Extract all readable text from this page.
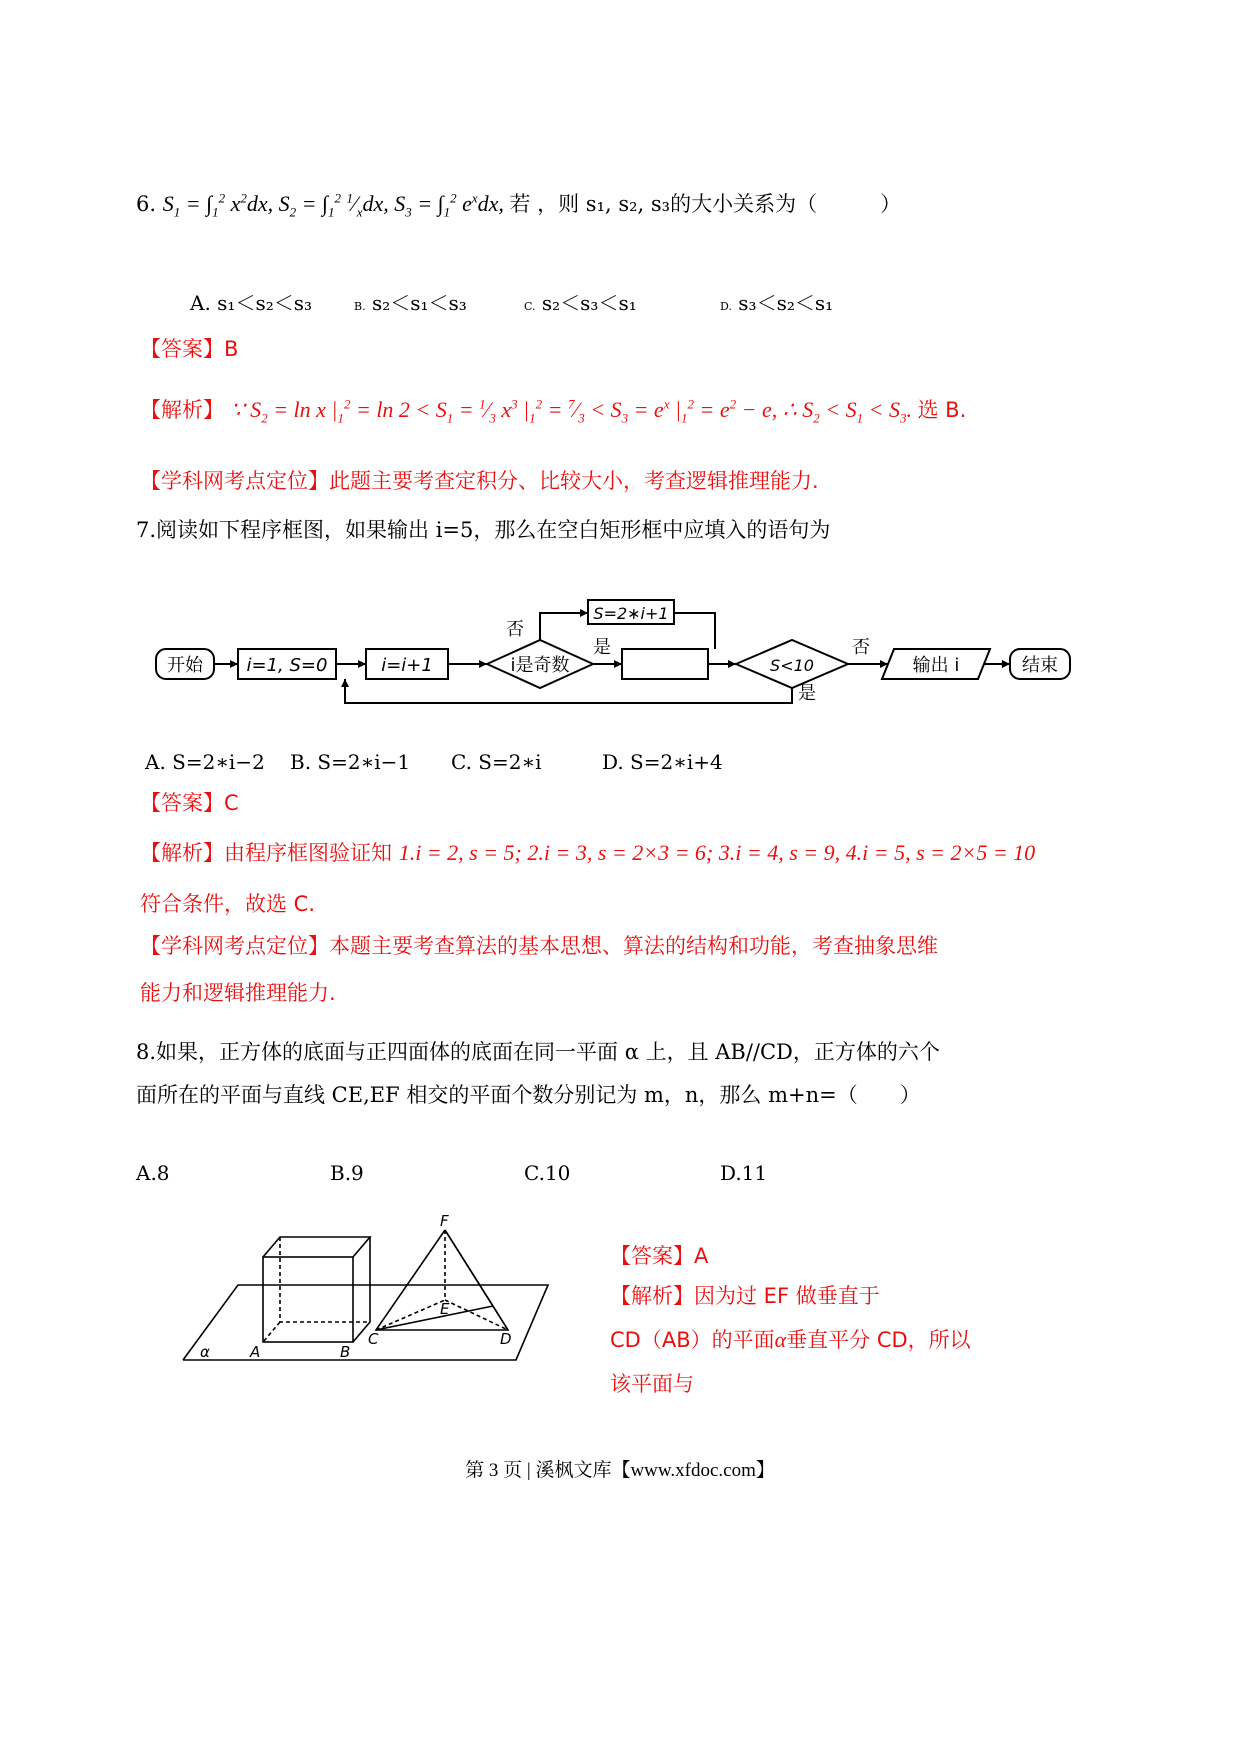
6. $S_1 = \int_1^2$ $x^2dx$, $S_2 = \int_1^2$ $^1⁄_xdx$, $S_3 = \int_1^2$ $e^xdx$, 若 ，则 s₁, s₂, s₃的大小关系为（　　　）
A. s₁＜s₂＜s₃	B. s₂＜s₁＜s₃	C. s₂＜s₃＜s₁	D. s₃＜s₂＜s₁
【答案】B
【解析】 ∵ $S_2 = \ln x$ $|_1^2 = \ln 2 < S_1$ = $^1⁄_3$ $x^3$ $|_1^2$ = $^7⁄_3 < S_3 = e^x$ $|_1^2 = e^2 - e$, ∴ $S_2 < S_1 < S_3$. 选 B.
【学科网考点定位】此题主要考查定积分、比较大小，考查逻辑推理能力.
7.阅读如下程序框图，如果输出 i=5，那么在空白矩形框中应填入的语句为
开始 i=1, S=0	i=i+1	i是奇数
S=2∗i+1
S<10	输出 i	结束
否
是	否
是
A. S=2∗i−2 B. S=2∗i−1 C. S=2∗i	D. S=2∗i+4
【答案】C
【解析】由程序框图验证知 1.i = 2, s = 5; 2.i = 3, s = 2×3 = 6; 3.i = 4, s = 9, 4.i = 5, s = 2×5 = 10
符合条件，故选 C.
【学科网考点定位】本题主要考查算法的基本思想、算法的结构和功能，考查抽象思维
能力和逻辑推理能力.
8.如果，正方体的底面与正四面体的底面在同一平面 α 上，且 AB//CD，正方体的六个
面所在的平面与直线 CE,EF 相交的平面个数分别记为 m，n，那么 m+n=（　　）
A.8	B.9	C.10	D.11
α	A	B
C	D
E
F
【答案】A
【解析】因为过 EF 做垂直于
CD（AB）的平面α垂直平分 CD，所以
该平面与
第 3 页 | 溪枫文库【www.xfdoc.com】
